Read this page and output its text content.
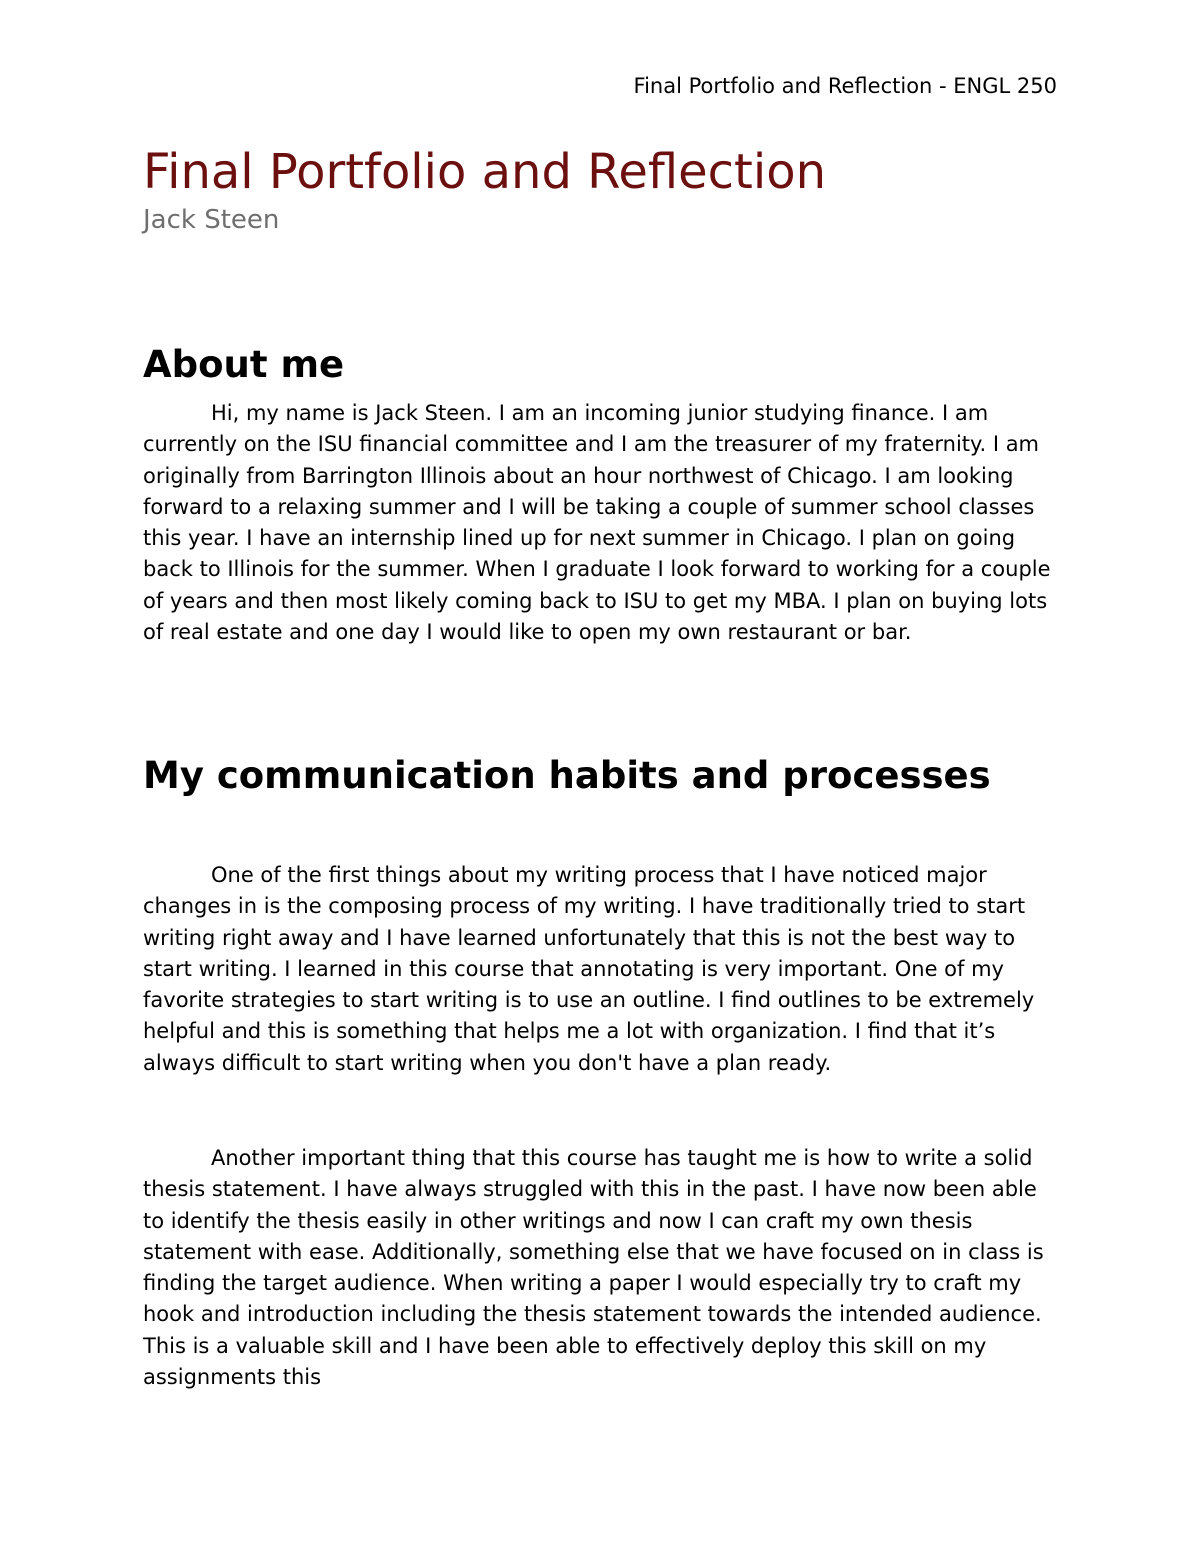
Final Portfolio and Reflection - ENGL 250
Final Portfolio and Reflection

Jack Steen

About me

Hi, my name is Jack Steen. I am an incoming junior studying finance. I am currently on the ISU financial committee and I am the treasurer of my fraternity. I am originally from Barrington Illinois about an hour northwest of Chicago. I am looking forward to a relaxing summer and I will be taking a couple of summer school classes this year. I have an internship lined up for next summer in Chicago. I plan on going back to Illinois for the summer. When I graduate I look forward to working for a couple of years and then most likely coming back to ISU to get my MBA. I plan on buying lots of real estate and one day I would like to open my own restaurant or bar.

My communication habits and processes

One of the first things about my writing process that I have noticed major changes in is the composing process of my writing. I have traditionally tried to start writing right away and I have learned unfortunately that this is not the best way to start writing. I learned in this course that annotating is very important. One of my favorite strategies to start writing is to use an outline. I find outlines to be extremely helpful and this is something that helps me a lot with organization. I find that it’s always difficult to start writing when you don't have a plan ready.

Another important thing that this course has taught me is how to write a solid thesis statement. I have always struggled with this in the past. I have now been able to identify the thesis easily in other writings and now I can craft my own thesis statement with ease. Additionally, something else that we have focused on in class is finding the target audience. When writing a paper I would especially try to craft my hook and introduction including the thesis statement towards the intended audience. This is a valuable skill and I have been able to effectively deploy this skill on my assignments this
